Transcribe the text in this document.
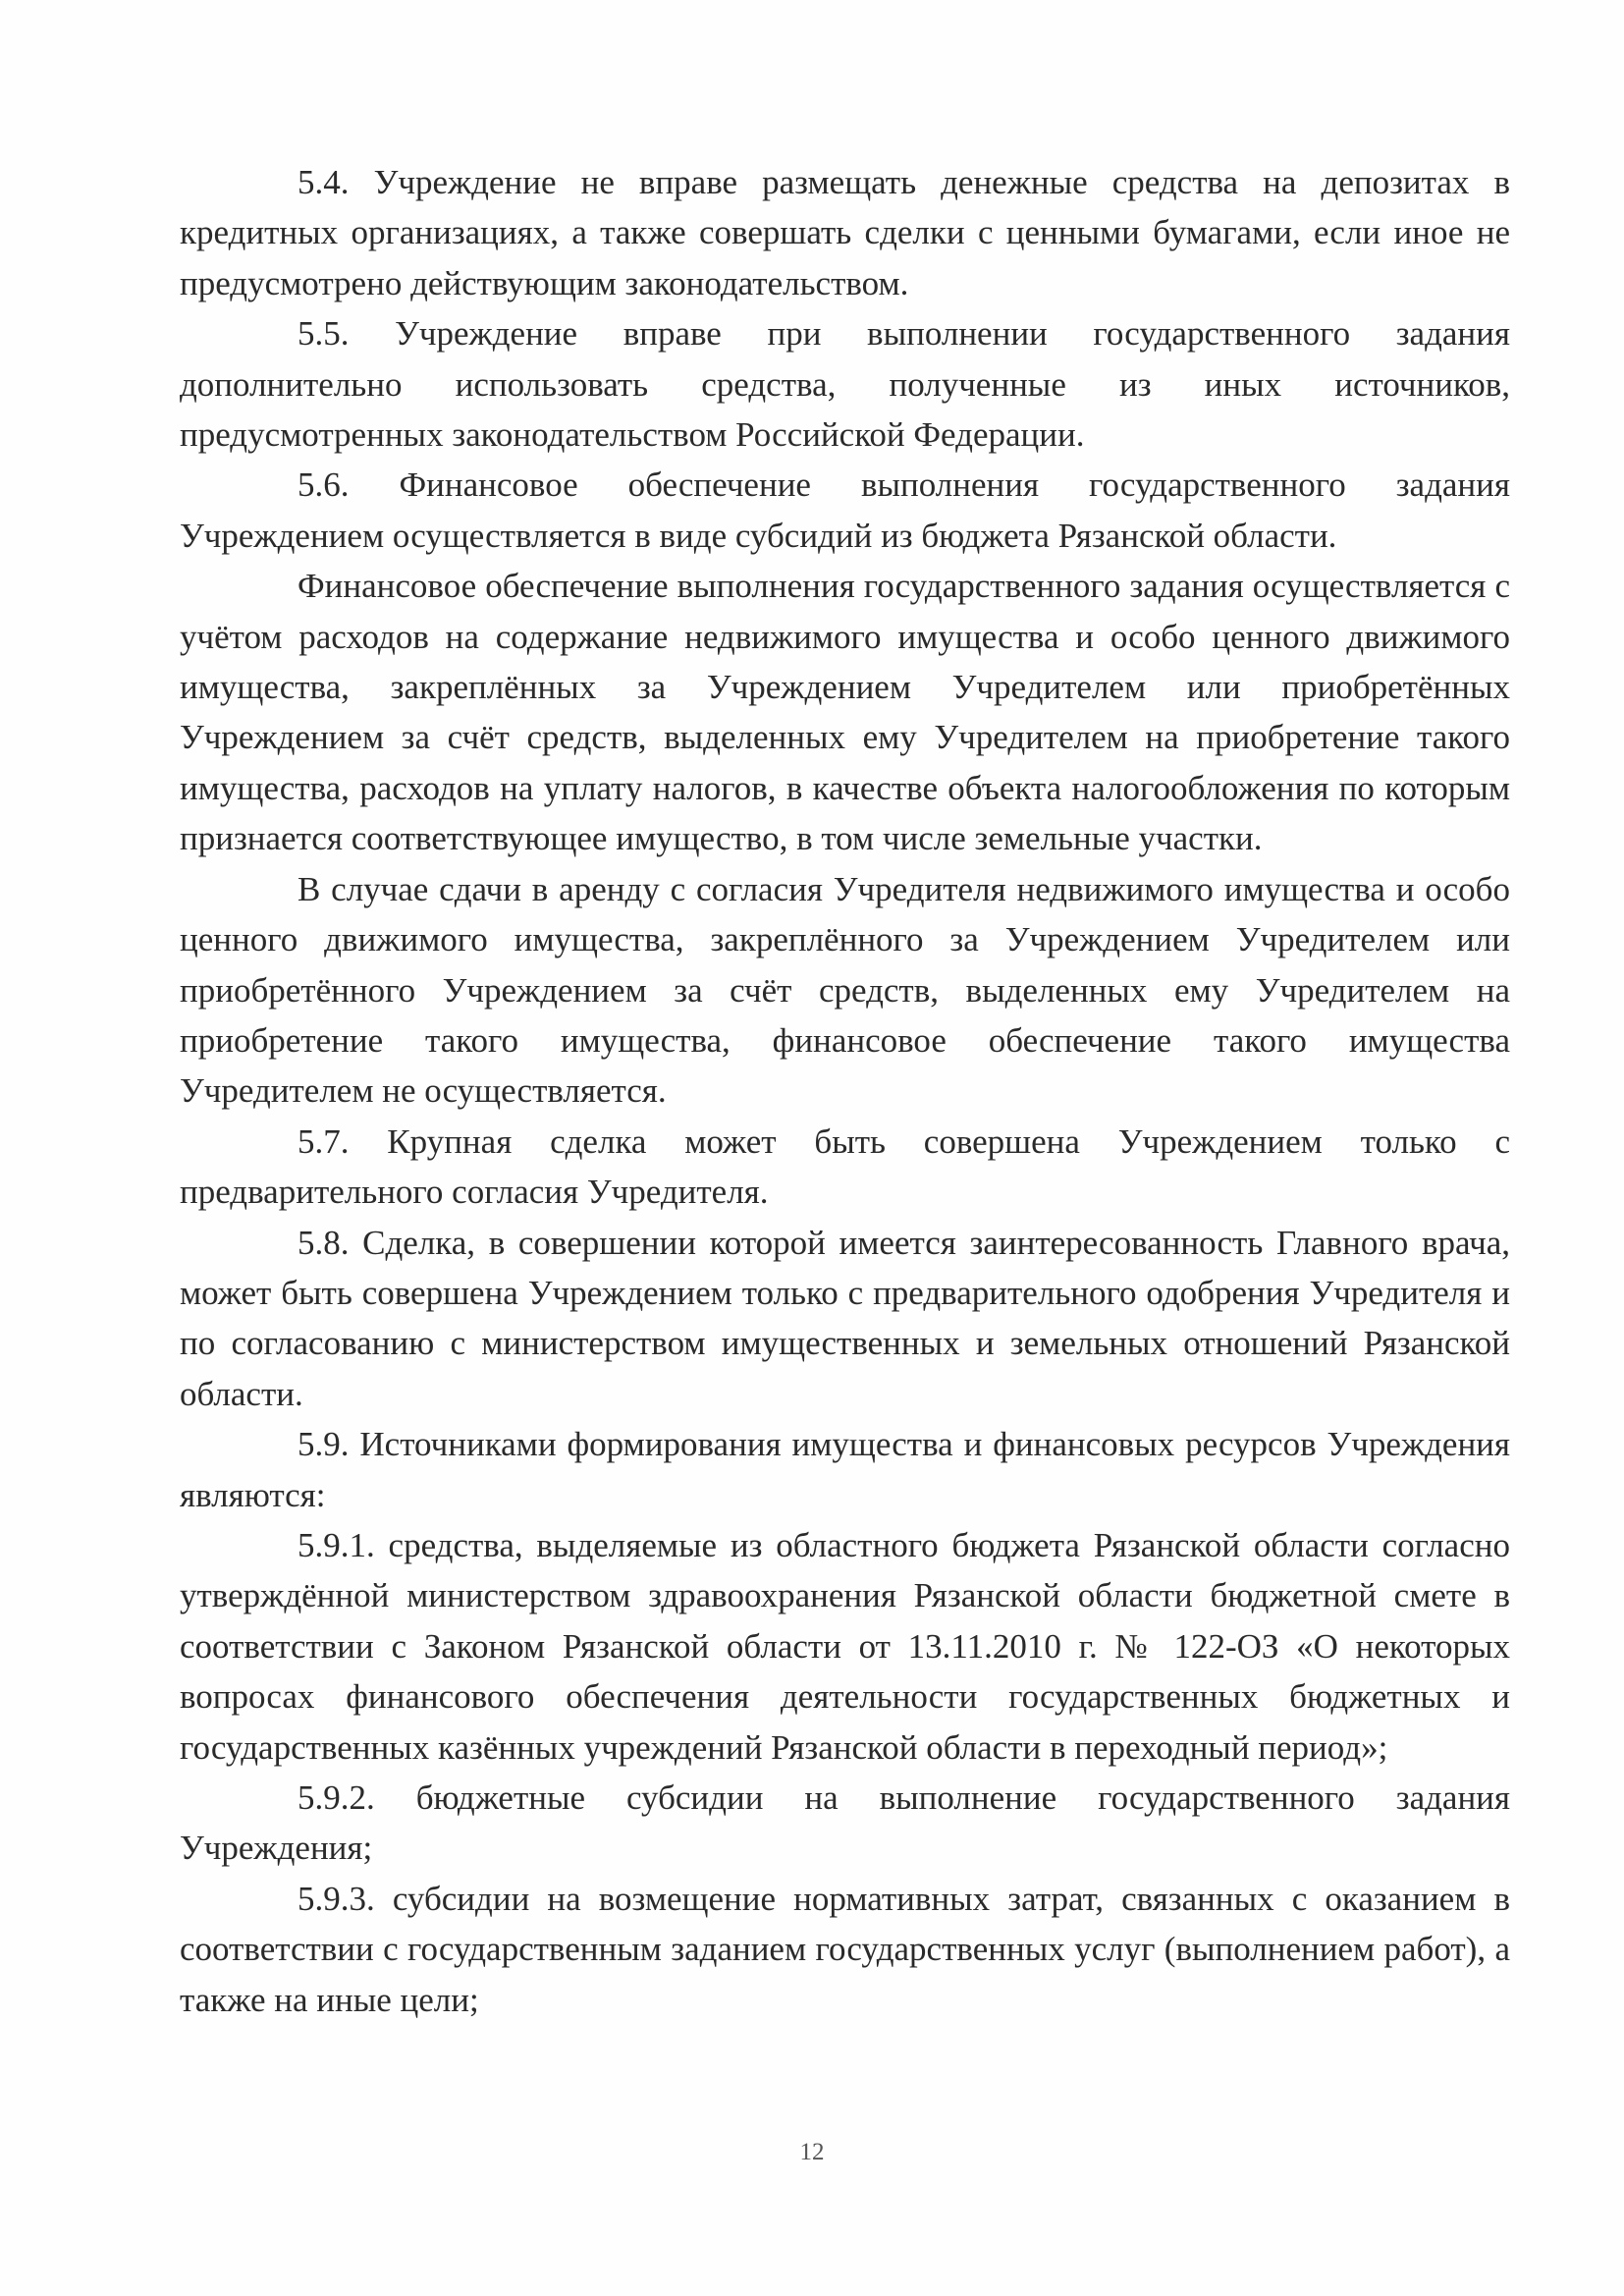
5.4. Учреждение не вправе размещать денежные средства на депозитах в кредитных организациях, а также совершать сделки с ценными бумагами, если иное не предусмотрено действующим законодательством.

5.5. Учреждение вправе при выполнении государственного задания дополнительно использовать средства, полученные из иных источников, предусмотренных законодательством Российской Федерации.

5.6. Финансовое обеспечение выполнения государственного задания Учреждением осуществляется в виде субсидий из бюджета Рязанской области.

Финансовое обеспечение выполнения государственного задания осуществляется с учётом расходов на содержание недвижимого имущества и особо ценного движимого имущества, закреплённых за Учреждением Учредителем или приобретённых Учреждением за счёт средств, выделенных ему Учредителем на приобретение такого имущества, расходов на уплату налогов, в качестве объекта налогообложения по которым признается соответствующее имущество, в том числе земельные участки.

В случае сдачи в аренду с согласия Учредителя недвижимого имущества и особо ценного движимого имущества, закреплённого за Учреждением Учредителем или приобретённого Учреждением за счёт средств, выделенных ему Учредителем на приобретение такого имущества, финансовое обеспечение такого имущества Учредителем не осуществляется.

5.7. Крупная сделка может быть совершена Учреждением только с предварительного согласия Учредителя.

5.8. Сделка, в совершении которой имеется заинтересованность Главного врача, может быть совершена Учреждением только с предварительного одобрения Учредителя и по согласованию с министерством имущественных и земельных отношений Рязанской области.

5.9. Источниками формирования имущества и финансовых ресурсов Учреждения являются:

5.9.1. средства, выделяемые из областного бюджета Рязанской области согласно утверждённой министерством здравоохранения Рязанской области бюджетной смете в соответствии с Законом Рязанской области от 13.11.2010 г. № 122-ОЗ «О некоторых вопросах финансового обеспечения деятельности государственных бюджетных и государственных казённых учреждений Рязанской области в переходный период»;

5.9.2. бюджетные субсидии на выполнение государственного задания Учреждения;

5.9.3. субсидии на возмещение нормативных затрат, связанных с оказанием в соответствии с государственным заданием государственных услуг (выполнением работ), а также на иные цели;

12
